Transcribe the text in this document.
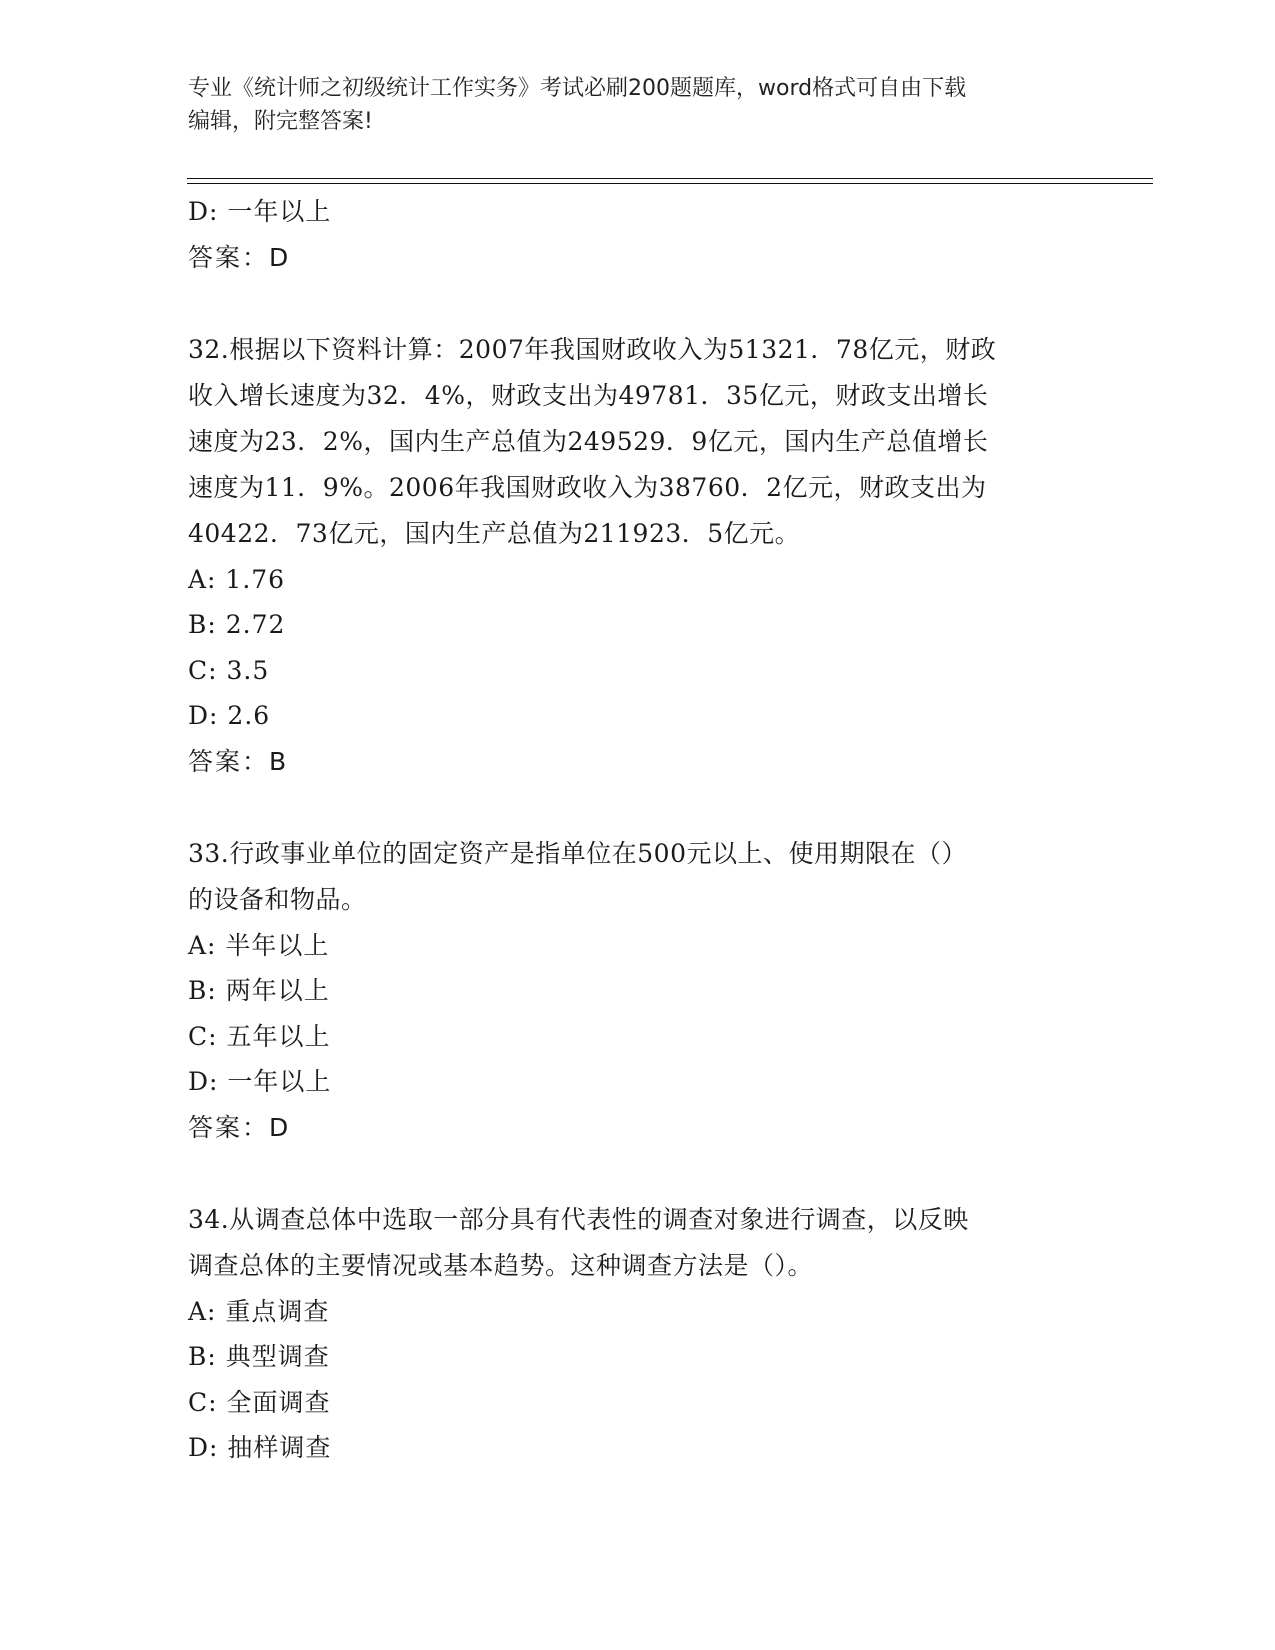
专业《统计师之初级统计工作实务》考试必刷200题题库，word格式可自由下载
编辑，附完整答案!
D: 一年以上
答案：D
32.根据以下资料计算：2007年我国财政收入为51321．78亿元，财政
收入增长速度为32．4%，财政支出为49781．35亿元，财政支出增长
速度为23．2%，国内生产总值为249529．9亿元，国内生产总值增长
速度为11．9%。2006年我国财政收入为38760．2亿元，财政支出为
40422．73亿元，国内生产总值为211923．5亿元。
A: 1.76
B: 2.72
C: 3.5
D: 2.6
答案：B
33.行政事业单位的固定资产是指单位在500元以上、使用期限在（）
的设备和物品。
A: 半年以上
B: 两年以上
C: 五年以上
D: 一年以上
答案：D
34.从调查总体中选取一部分具有代表性的调查对象进行调查，以反映
调查总体的主要情况或基本趋势。这种调查方法是（）。
A: 重点调查
B: 典型调查
C: 全面调查
D: 抽样调查
